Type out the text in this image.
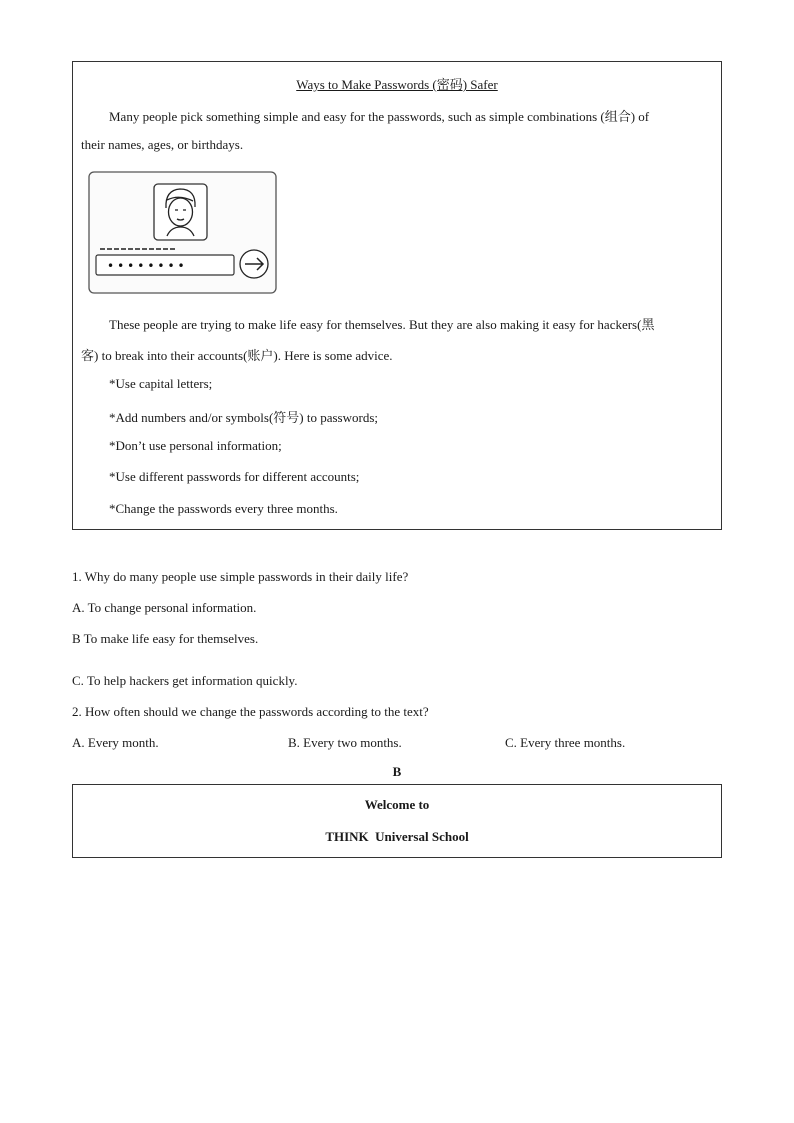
Ways to Make Passwords (密码) Safer
Many people pick something simple and easy for the passwords, such as simple combinations (组合) of
their names, ages, or birthdays.
••••••••
These people are trying to make life easy for themselves. But they are also making it easy for hackers(黑
客) to break into their accounts(账户). Here is some advice.
*Use capital letters;
*Add numbers and/or symbols(符号) to passwords;
*Don’t use personal information;
*Use different passwords for different accounts;
*Change the passwords every three months.
1. Why do many people use simple passwords in their daily life?
A. To change personal information.
B To make life easy for themselves.
C. To help hackers get information quickly.
2. How often should we change the passwords according to the text?
A. Every month.	B. Every two months.	C. Every three months.
B
Welcome to
THINK  Universal School
